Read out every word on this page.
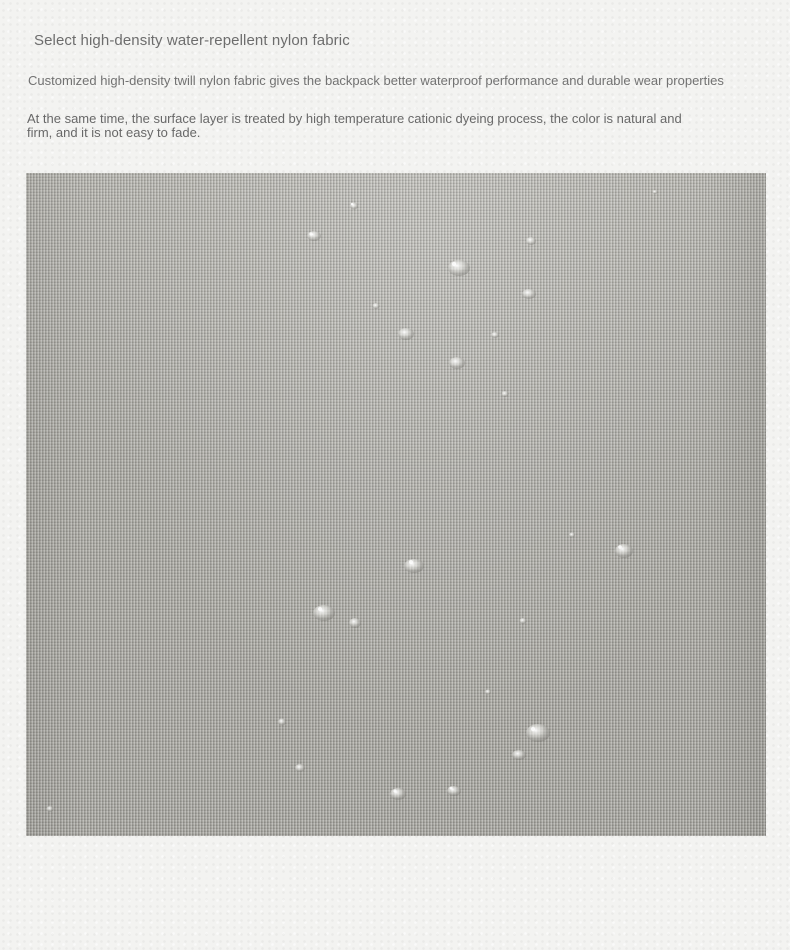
Select high-density water-repellent nylon fabric
Customized high-density twill nylon fabric gives the backpack better waterproof performance and durable wear properties
At the same time, the surface layer is treated by high temperature cationic dyeing process, the color is natural and firm, and it is not easy to fade.
